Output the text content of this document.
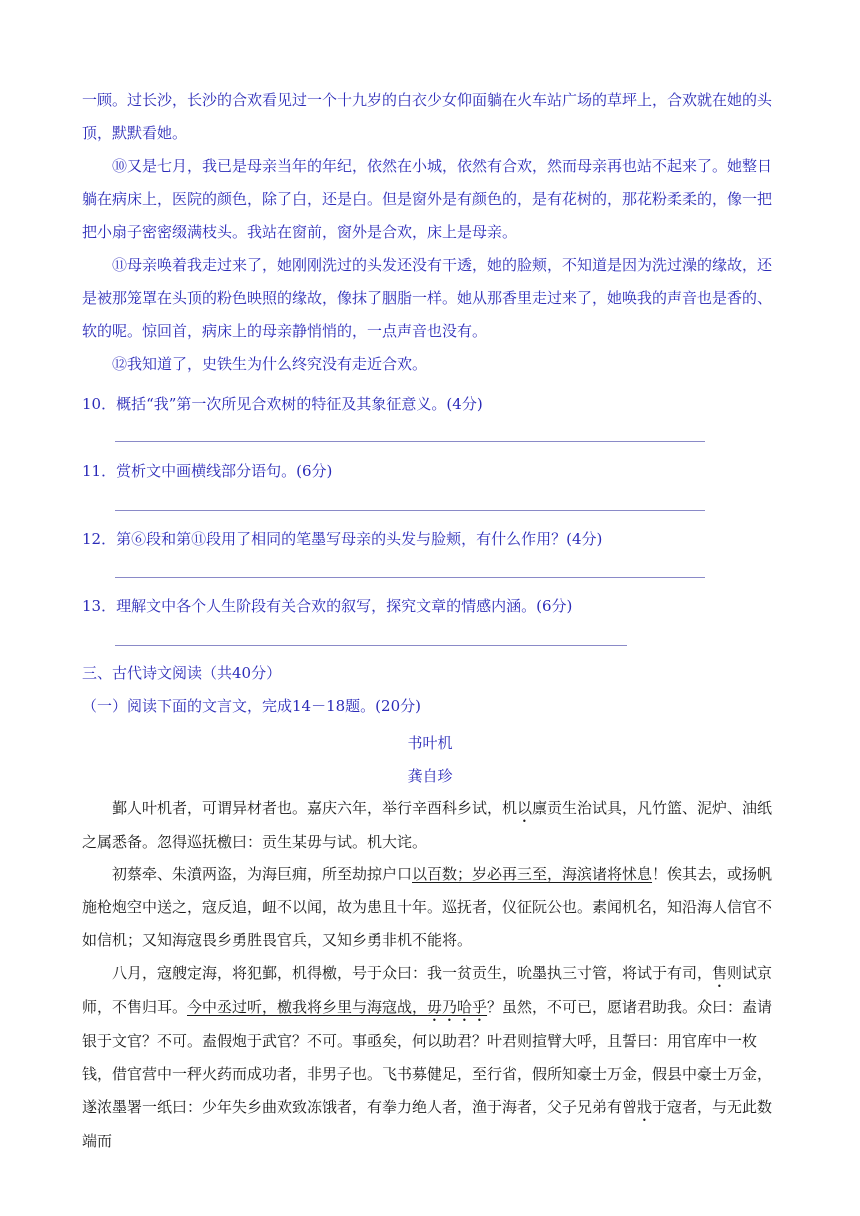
一顾。过长沙，长沙的合欢看见过一个十九岁的白衣少女仰面躺在火车站广场的草坪上，合欢就在她的头顶，默默看她。

⑩又是七月，我已是母亲当年的年纪，依然在小城，依然有合欢，然而母亲再也站不起来了。她整日躺在病床上，医院的颜色，除了白，还是白。但是窗外是有颜色的，是有花树的，那花粉柔柔的，像一把把小扇子密密缀满枝头。我站在窗前，窗外是合欢，床上是母亲。

⑪母亲唤着我走过来了，她刚刚洗过的头发还没有干透，她的脸颊，不知道是因为洗过澡的缘故，还是被那笼罩在头顶的粉色映照的缘故，像抹了胭脂一样。她从那香里走过来了，她唤我的声音也是香的、软的呢。惊回首，病床上的母亲静悄悄的，一点声音也没有。

⑫我知道了，史铁生为什么终究没有走近合欢。

10．概括“我”第一次所见合欢树的特征及其象征意义。(4分)

11．赏析文中画横线部分语句。(6分)

12．第⑥段和第⑪段用了相同的笔墨写母亲的头发与脸颊，有什么作用？(4分)

13．理解文中各个人生阶段有关合欢的叙写，探究文章的情感内涵。(6分)

三、古代诗文阅读（共40分）

（一）阅读下面的文言文，完成14－18题。(20分)

书叶机
龚自珍

鄞人叶机者，可谓异材者也。嘉庆六年，举行辛酉科乡试，机以廪贡生治试具，凡竹篮、泥炉、油纸之属悉备。忽得巡抚檄曰：贡生某毋与试。机大诧。

初蔡牵、朱濆两盗，为海巨痈，所至劫掠户口以百数；岁必再三至，海滨诸将怵息！俟其去，或扬帆施枪炮空中送之，寇反追，衄不以闻，故为患且十年。巡抚者，仪征阮公也。素闻机名，知沿海人信官不如信机；又知海寇畏乡勇胜畏官兵，又知乡勇非机不能将。

八月，寇艘定海，将犯鄞，机得檄，号于众曰：我一贫贡生，吮墨执三寸管，将试于有司，售则试京师，不售归耳。今中丞过听，檄我将乡里与海寇战，毋乃哈乎？虽然，不可已，愿诸君助我。众曰：盍请银于文官？不可。盍假炮于武官？不可。事亟矣，何以助君？叶君则揎臂大呼，且誓曰：用官库中一枚钱，借官营中一秤火药而成功者，非男子也。飞书募健足，至行省，假所知豪士万金，假县中豪士万金，遂浓墨署一纸曰：少年失乡曲欢致冻饿者，有拳力绝人者，渔于海者，父子兄弟有曾戕于寇者，与无此数端而
